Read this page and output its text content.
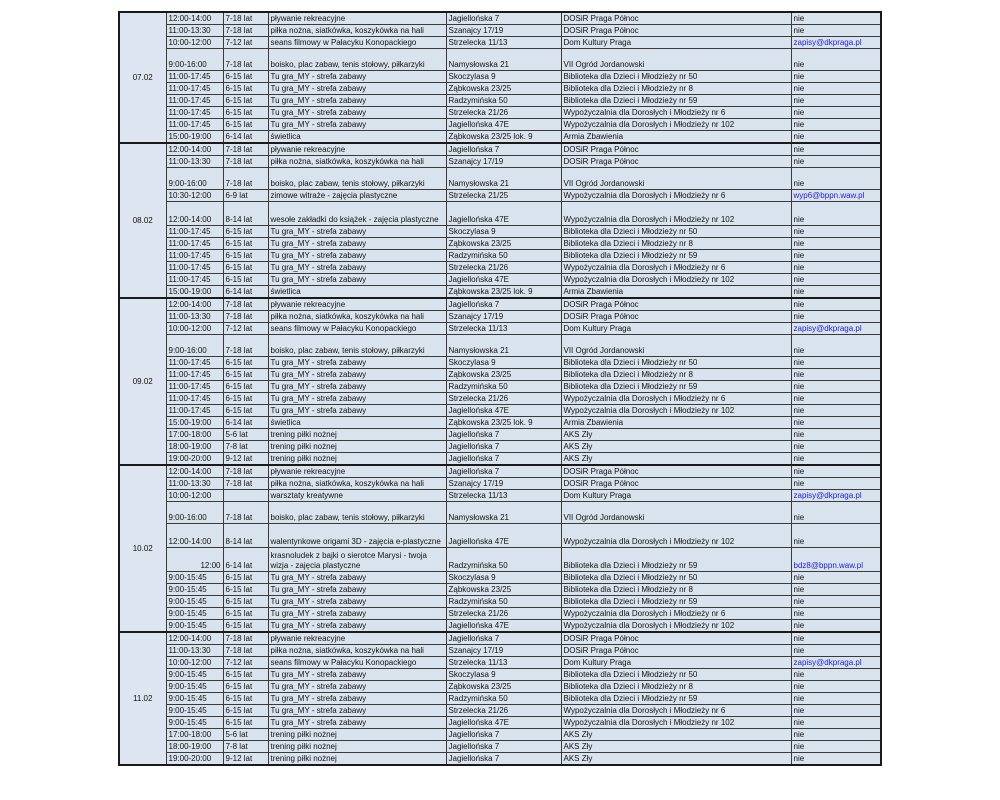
07.02	12:00-14:00	7-18 lat	pływanie rekreacyjne	Jagiellońska 7	DOSiR Praga Północ	nie
	11:00-13:30	7-18 lat	piłka nożna, siatkówka, koszykówka na hali	Szanajcy 17/19	DOSiR Praga Północ	nie
	10:00-12:00	7-12 lat	seans filmowy w Pałacyku Konopackiego	Strzelecka 11/13	Dom Kultury Praga	zapisy@dkpraga.pl
	9:00-16:00	7-18 lat	boisko, plac zabaw, tenis stołowy, piłkarzyki	Namysłowska 21	VII Ogród Jordanowski	nie
	11:00-17:45	6-15 lat	Tu gra_MY - strefa zabawy	Skoczylasa 9	Biblioteka dla Dzieci i Młodzieży nr 50	nie
	11:00-17:45	6-15 lat	Tu gra_MY - strefa zabawy	Ząbkowska 23/25	Biblioteka dla Dzieci i Młodzieży nr 8	nie
	11:00-17:45	6-15 lat	Tu gra_MY - strefa zabawy	Radzymińska 50	Biblioteka dla Dzieci i Młodzieży nr 59	nie
	11:00-17:45	6-15 lat	Tu gra_MY - strefa zabawy	Strzelecka 21/26	Wypożyczalnia dla Dorosłych i Młodzieży nr 6	nie
	11:00-17:45	6-15 lat	Tu gra_MY - strefa zabawy	Jagiellońska 47E	Wypożyczalnia dla Dorosłych i Młodzieży nr 102	nie
	15:00-19:00	6-14 lat	świetlica	Ząbkowska 23/25 lok. 9	Armia Zbawienia	nie
08.02	12:00-14:00	7-18 lat	pływanie rekreacyjne	Jagiellońska 7	DOSiR Praga Północ	nie
	11:00-13:30	7-18 lat	piłka nożna, siatkówka, koszykówka na hali	Szanajcy 17/19	DOSiR Praga Północ	nie
	9:00-16:00	7-18 lat	boisko, plac zabaw, tenis stołowy, piłkarzyki	Namysłowska 21	VII Ogród Jordanowski	nie
	10:30-12:00	6-9 lat	zimowe witraże - zajęcia plastyczne	Strzelecka 21/25	Wypożyczalnia dla Dorosłych i Młodzieży nr 6	wyp6@bppn.waw.pl
	12:00-14:00	8-14 lat	wesołe zakładki do książek - zajęcia plastyczne	Jagiellońska 47E	Wypożyczalnia dla Dorosłych i Młodzieży nr 102	nie
	11:00-17:45	6-15 lat	Tu gra_MY - strefa zabawy	Skoczylasa 9	Biblioteka dla Dzieci i Młodzieży nr 50	nie
	11:00-17:45	6-15 lat	Tu gra_MY - strefa zabawy	Ząbkowska 23/25	Biblioteka dla Dzieci i Młodzieży nr 8	nie
	11:00-17:45	6-15 lat	Tu gra_MY - strefa zabawy	Radzymińska 50	Biblioteka dla Dzieci i Młodzieży nr 59	nie
	11:00-17:45	6-15 lat	Tu gra_MY - strefa zabawy	Strzelecka 21/26	Wypożyczalnia dla Dorosłych i Młodzieży nr 6	nie
	11:00-17:45	6-15 lat	Tu gra_MY - strefa zabawy	Jagiellońska 47E	Wypożyczalnia dla Dorosłych i Młodzieży nr 102	nie
	15:00-19:00	6-14 lat	świetlica	Ząbkowska 23/25 lok. 9	Armia Zbawienia	nie
09.02	12:00-14:00	7-18 lat	pływanie rekreacyjne	Jagiellońska 7	DOSiR Praga Północ	nie
	11:00-13:30	7-18 lat	piłka nożna, siatkówka, koszykówka na hali	Szanajcy 17/19	DOSiR Praga Północ	nie
	10:00-12:00	7-12 lat	seans filmowy w Pałacyku Konopackiego	Strzelecka 11/13	Dom Kultury Praga	zapisy@dkpraga.pl
	9:00-16:00	7-18 lat	boisko, plac zabaw, tenis stołowy, piłkarzyki	Namysłowska 21	VII Ogród Jordanowski	nie
	11:00-17:45	6-15 lat	Tu gra_MY - strefa zabawy	Skoczylasa 9	Biblioteka dla Dzieci i Młodzieży nr 50	nie
	11:00-17:45	6-15 lat	Tu gra_MY - strefa zabawy	Ząbkowska 23/25	Biblioteka dla Dzieci i Młodzieży nr 8	nie
	11:00-17:45	6-15 lat	Tu gra_MY - strefa zabawy	Radzymińska 50	Biblioteka dla Dzieci i Młodzieży nr 59	nie
	11:00-17:45	6-15 lat	Tu gra_MY - strefa zabawy	Strzelecka 21/26	Wypożyczalnia dla Dorosłych i Młodzieży nr 6	nie
	11:00-17:45	6-15 lat	Tu gra_MY - strefa zabawy	Jagiellońska 47E	Wypożyczalnia dla Dorosłych i Młodzieży nr 102	nie
	15:00-19:00	6-14 lat	świetlica	Ząbkowska 23/25 lok. 9	Armia Zbawienia	nie
	17:00-18:00	5-6 lat	trening piłki nożnej	Jagiellońska 7	AKS Zły	nie
	18:00-19:00	7-8 lat	trening piłki nożnej	Jagiellońska 7	AKS Zły	nie
	19:00-20:00	9-12 lat	trening piłki nożnej	Jagiellońska 7	AKS Zły	nie
10.02	12:00-14:00	7-18 lat	pływanie rekreacyjne	Jagiellońska 7	DOSiR Praga Północ	nie
	11:00-13:30	7-18 lat	piłka nożna, siatkówka, koszykówka na hali	Szanajcy 17/19	DOSiR Praga Północ	nie
	10:00-12:00		warsztaty kreatywne	Strzelecka 11/13	Dom Kultury Praga	zapisy@dkpraga.pl
	9:00-16:00	7-18 lat	boisko, plac zabaw, tenis stołowy, piłkarzyki	Namysłowska 21	VII Ogród Jordanowski	nie
	12:00-14:00	8-14 lat	walentynkowe origami 3D - zajęcia e-plastyczne	Jagiellońska 47E	Wypożyczalnia dla Dorosłych i Młodzieży nr 102	nie
	12:00	6-14 lat	krasnoludek z bajki o sierotce Marysi - twoja wizja - zajęcia plastyczne	Radzymińska 50	Biblioteka dla Dzieci i Młodzieży nr 59	bdz8@bppn.waw.pl
	9:00-15:45	6-15 lat	Tu gra_MY - strefa zabawy	Skoczylasa 9	Biblioteka dla Dzieci i Młodzieży nr 50	nie
	9:00-15:45	6-15 lat	Tu gra_MY - strefa zabawy	Ząbkowska 23/25	Biblioteka dla Dzieci i Młodzieży nr 8	nie
	9:00-15:45	6-15 lat	Tu gra_MY - strefa zabawy	Radzymińska 50	Biblioteka dla Dzieci i Młodzieży nr 59	nie
	9:00-15:45	6-15 lat	Tu gra_MY - strefa zabawy	Strzelecka 21/26	Wypożyczalnia dla Dorosłych i Młodzieży nr 6	nie
	9:00-15:45	6-15 lat	Tu gra_MY - strefa zabawy	Jagiellońska 47E	Wypożyczalnia dla Dorosłych i Młodzieży nr 102	nie
11.02	12:00-14:00	7-18 lat	pływanie rekreacyjne	Jagiellońska 7	DOSiR Praga Północ	nie
	11:00-13:30	7-18 lat	piłka nożna, siatkówka, koszykówka na hali	Szanajcy 17/19	DOSiR Praga Północ	nie
	10:00-12:00	7-12 lat	seans filmowy w Pałacyku Konopackiego	Strzelecka 11/13	Dom Kultury Praga	zapisy@dkpraga.pl
	9:00-15:45	6-15 lat	Tu gra_MY - strefa zabawy	Skoczylasa 9	Biblioteka dla Dzieci i Młodzieży nr 50	nie
	9:00-15:45	6-15 lat	Tu gra_MY - strefa zabawy	Ząbkowska 23/25	Biblioteka dla Dzieci i Młodzieży nr 8	nie
	9:00-15:45	6-15 lat	Tu gra_MY - strefa zabawy	Radzymińska 50	Biblioteka dla Dzieci i Młodzieży nr 59	nie
	9:00-15:45	6-15 lat	Tu gra_MY - strefa zabawy	Strzelecka 21/26	Wypożyczalnia dla Dorosłych i Młodzieży nr 6	nie
	9:00-15:45	6-15 lat	Tu gra_MY - strefa zabawy	Jagiellońska 47E	Wypożyczalnia dla Dorosłych i Młodzieży nr 102	nie
	17:00-18:00	5-6 lat	trening piłki nożnej	Jagiellońska 7	AKS Zły	nie
	18:00-19:00	7-8 lat	trening piłki nożnej	Jagiellońska 7	AKS Zły	nie
	19:00-20:00	9-12 lat	trening piłki nożnej	Jagiellońska 7	AKS Zły	nie
